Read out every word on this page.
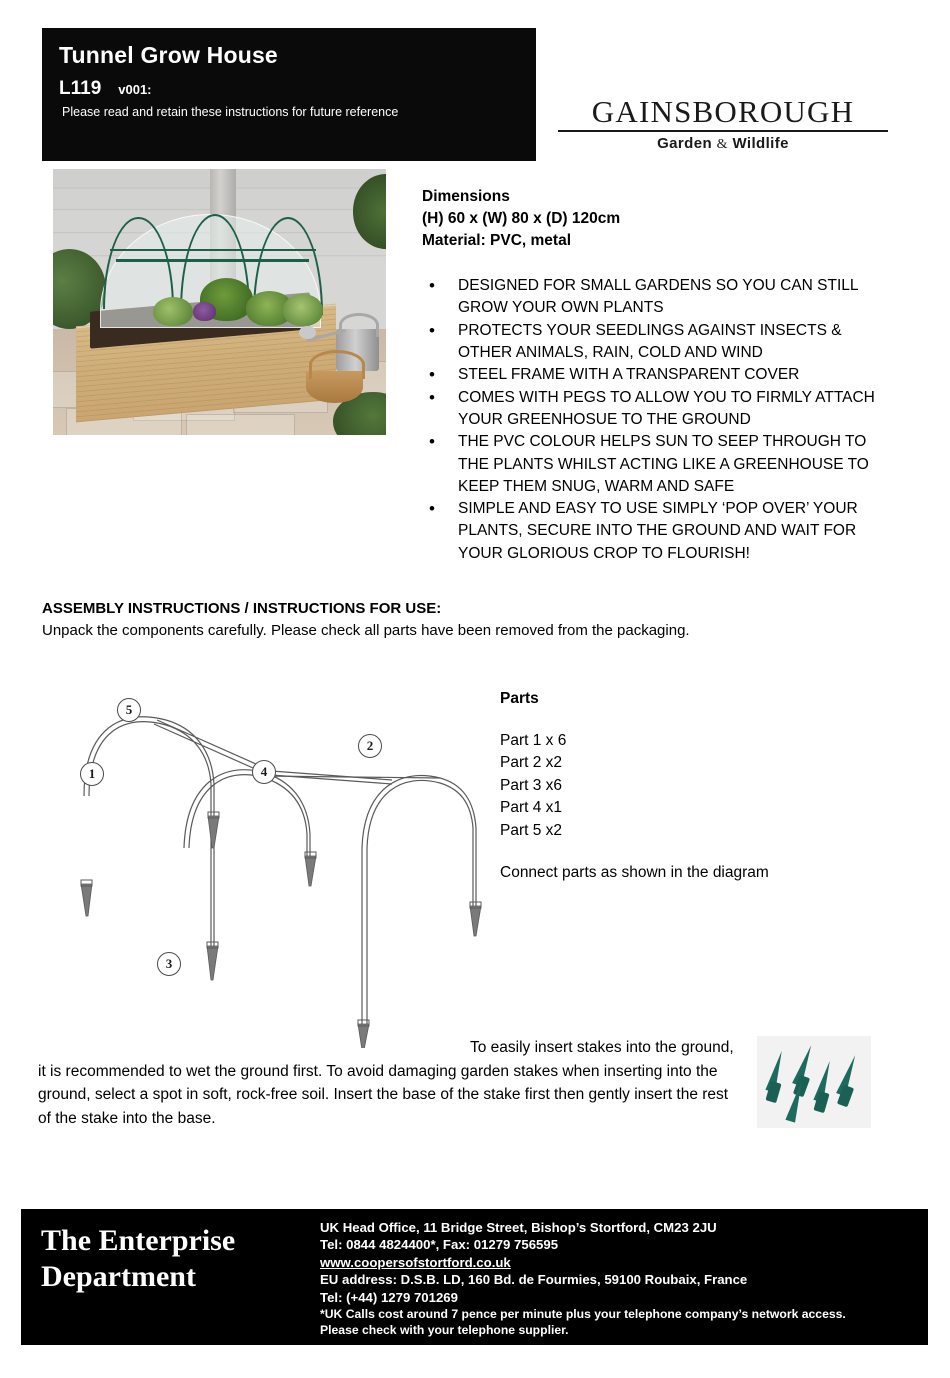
Tunnel Grow House
L119 v001:
Please read and retain these instructions for future reference	GAINSBOROUGH
Garden & Wildlife
Dimensions
(H) 60 x (W) 80 x (D) 120cm
Material: PVC, metal
• DESIGNED FOR SMALL GARDENS SO YOU CAN STILL GROW YOUR OWN PLANTS
• PROTECTS YOUR SEEDLINGS AGAINST INSECTS & OTHER ANIMALS, RAIN, COLD AND WIND
• STEEL FRAME WITH A TRANSPARENT COVER
• COMES WITH PEGS TO ALLOW YOU TO FIRMLY ATTACH YOUR GREENHOSUE TO THE GROUND
• THE PVC COLOUR HELPS SUN TO SEEP THROUGH TO THE PLANTS WHILST ACTING LIKE A GREENHOUSE TO KEEP THEM SNUG, WARM AND SAFE
• SIMPLE AND EASY TO USE SIMPLY ‘POP OVER’ YOUR PLANTS, SECURE INTO THE GROUND AND WAIT FOR YOUR GLORIOUS CROP TO FLOURISH!
ASSEMBLY INSTRUCTIONS / INSTRUCTIONS FOR USE:
Unpack the components carefully. Please check all parts have been removed from the packaging.
1
2
3
4
5
Parts
Part 1 x 6
Part 2 x2
Part 3 x6
Part 4 x1
Part 5 x2
Connect parts as shown in the diagram
To easily insert stakes into the ground, it is recommended to wet the ground first. To avoid damaging garden stakes when inserting into the ground, select a spot in soft, rock-free soil. Insert the base of the stake first then gently insert the rest of the stake into the base.
The Enterprise
Department
UK Head Office, 11 Bridge Street, Bishop’s Stortford, CM23 2JU
Tel: 0844 4824400*, Fax: 01279 756595
www.coopersofstortford.co.uk
EU address: D.S.B. LD, 160 Bd. de Fourmies, 59100 Roubaix, France
Tel: (+44) 1279 701269
*UK Calls cost around 7 pence per minute plus your telephone company’s network access.
Please check with your telephone supplier.
